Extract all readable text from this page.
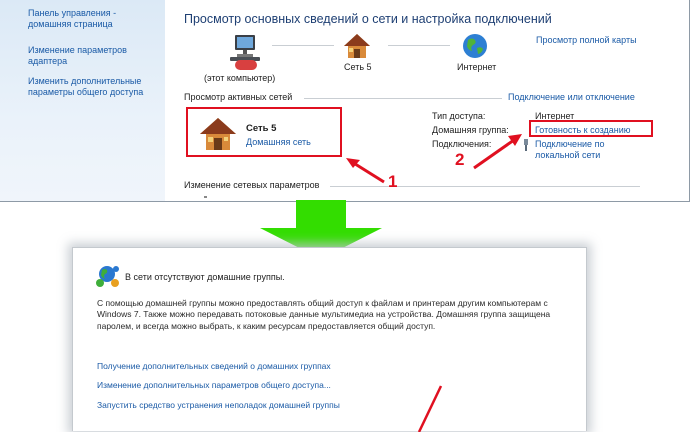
Панель управления -
домашняя страница
Изменение параметров
адаптера
Изменить дополнительные
параметры общего доступа
Просмотр основных сведений о сети и настройка подключений
(этот компьютер)
Сеть 5	Интернет
Просмотр полной карты
Просмотр активных сетей	Подключение или отключение
Сеть 5
Домашняя сеть
Тип доступа:	Интернет
Домашняя группа:	Готовность к созданию
Подключения:	Подключение по
локальной сети
Изменение сетевых параметров	1
2
В сети отсутствуют домашние группы.
С помощью домашней группы можно предоставлять общий доступ к файлам и принтерам другим компьютерам с Windows 7. Также можно передавать потоковые данные мультимедиа на устройства. Домашняя группа защищена паролем, и всегда можно выбрать, к каким ресурсам предоставляется общий доступ.
Получение дополнительных сведений о домашних группах
Изменение дополнительных параметров общего доступа...
Запустить средство устранения неполадок домашней группы
